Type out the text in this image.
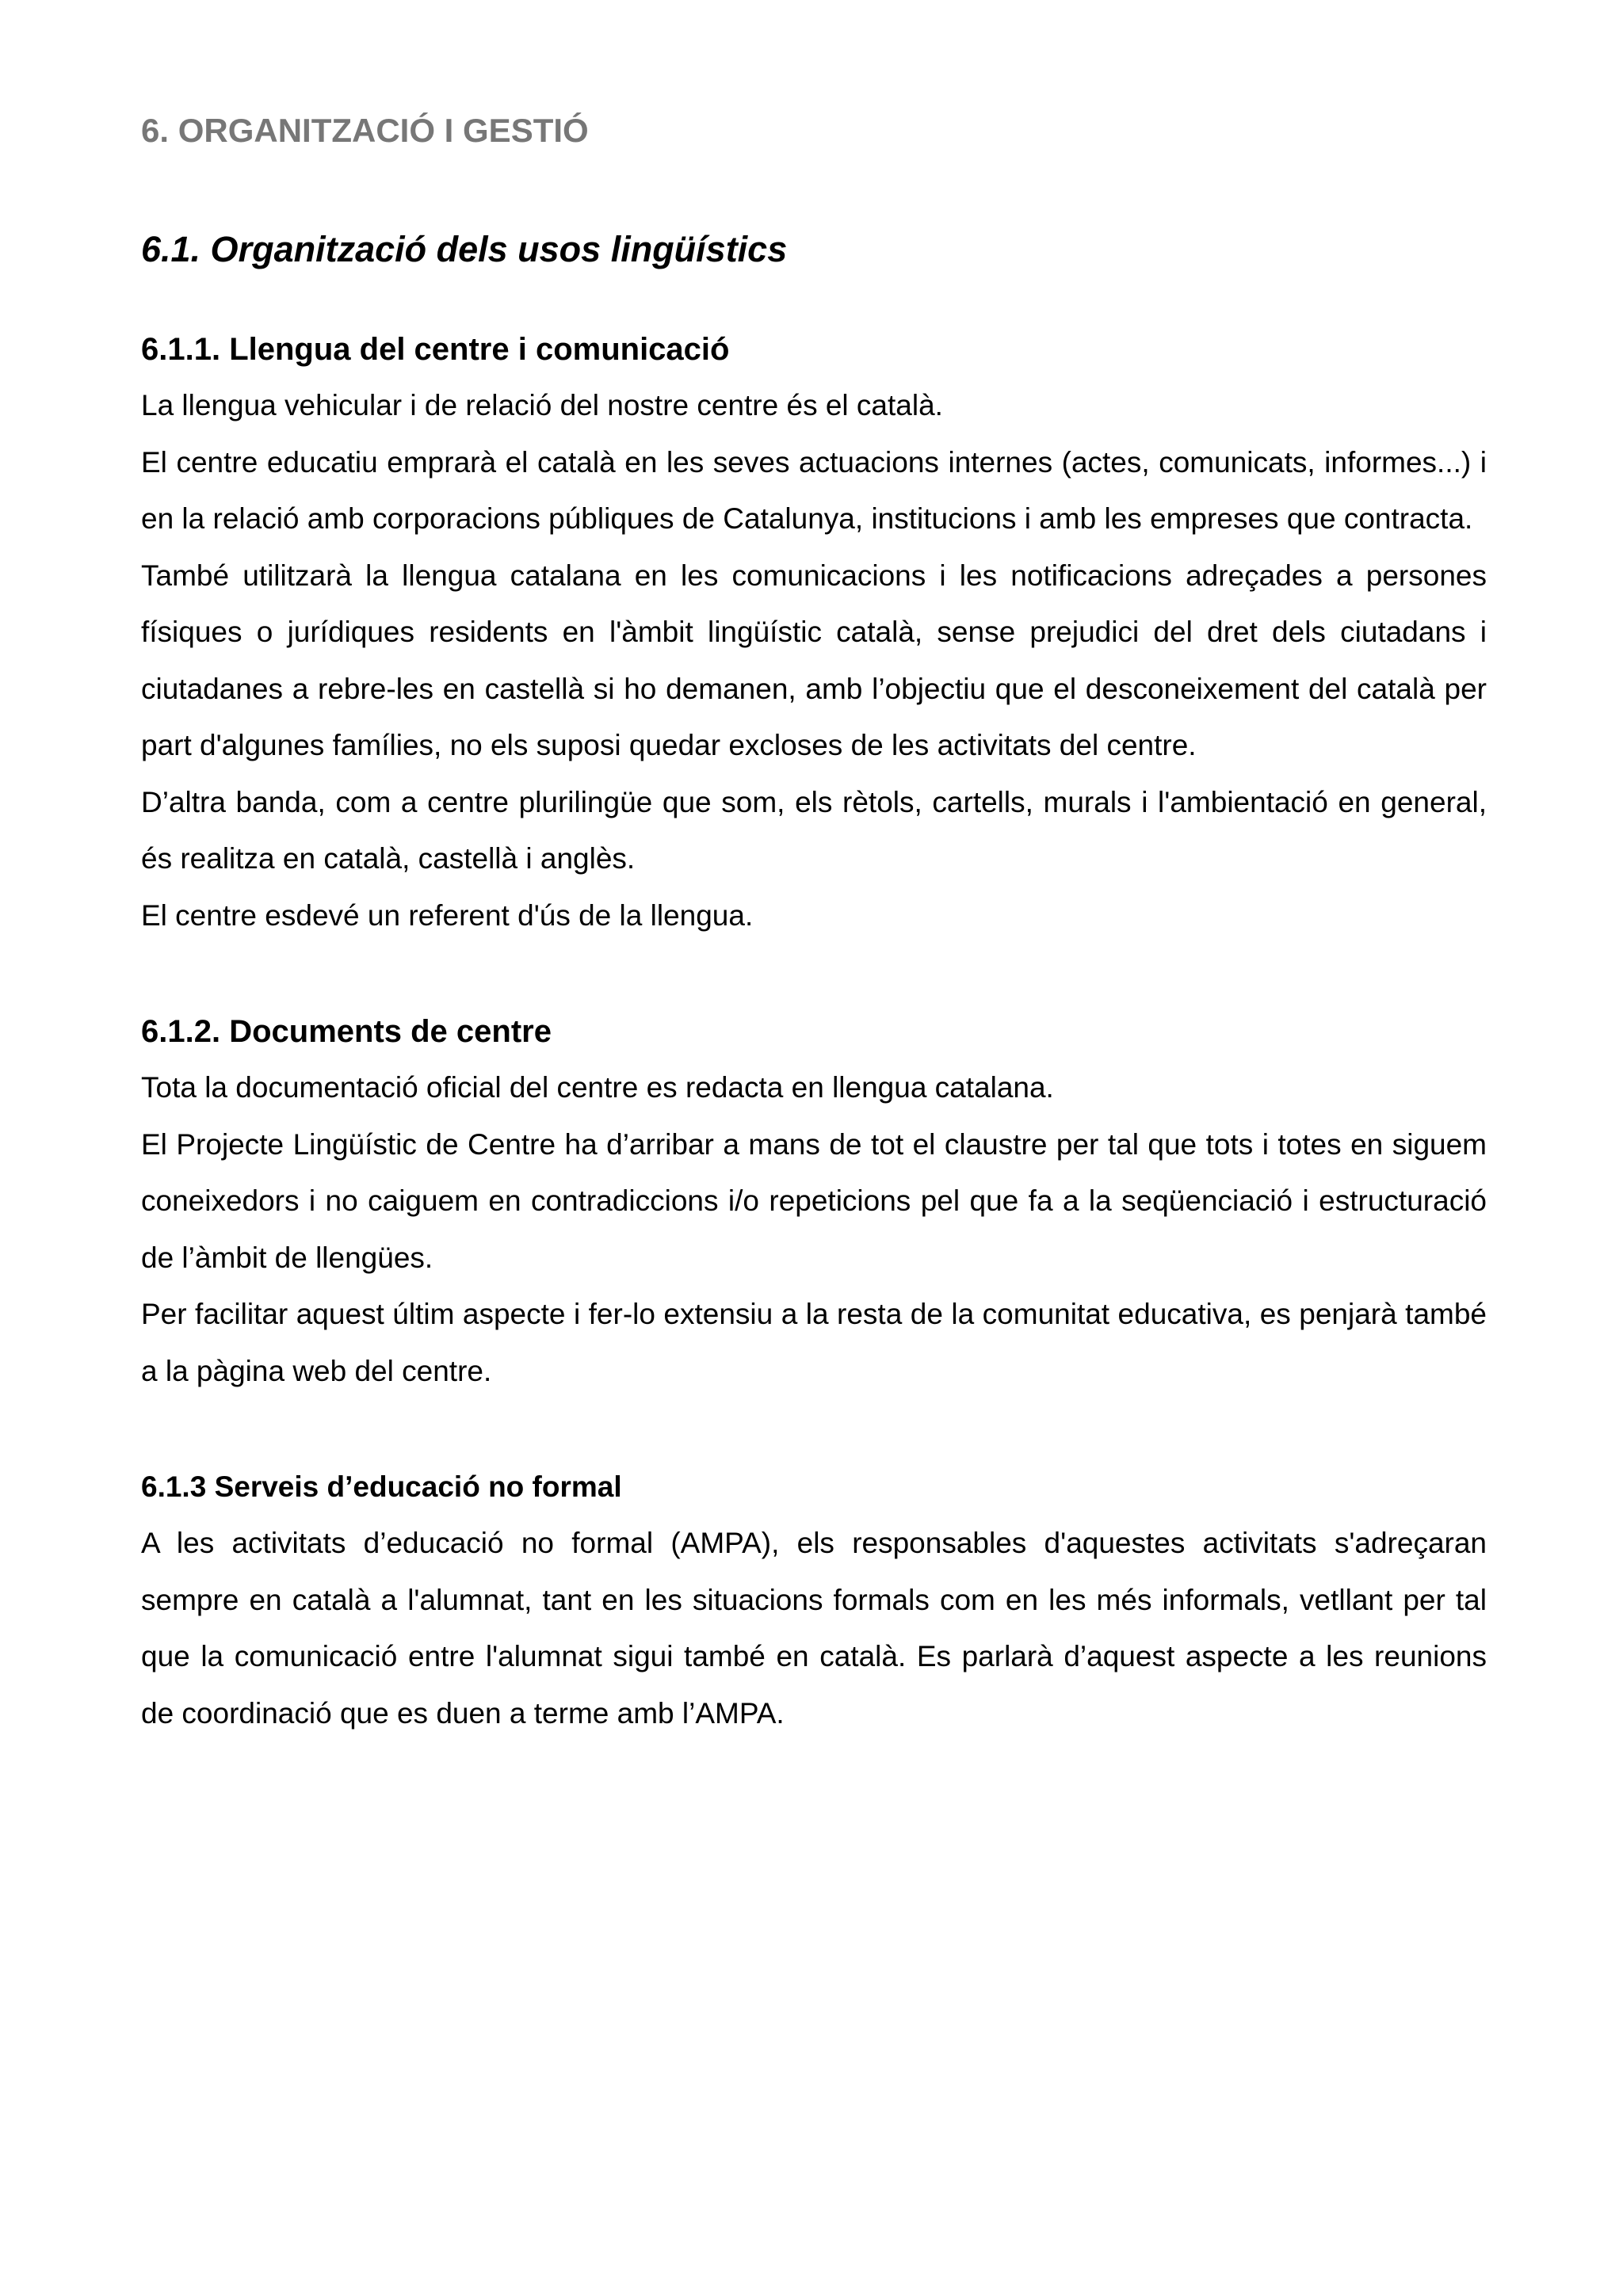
6. ORGANITZACIÓ I GESTIÓ
6.1. Organització dels usos lingüístics
6.1.1. Llengua del centre i comunicació

La llengua vehicular i de relació del nostre centre és el català.

El centre educatiu emprarà el català en les seves actuacions internes (actes, comunicats, informes...) i en la relació amb corporacions públiques de Catalunya, institucions i amb les empreses que contracta.

També utilitzarà la llengua catalana en les comunicacions i les notificacions adreçades a persones físiques o jurídiques residents en l'àmbit lingüístic català, sense prejudici del dret dels ciutadans i ciutadanes a rebre-les en castellà si ho demanen, amb l’objectiu que el desconeixement del català per part d'algunes famílies, no els suposi quedar excloses de les activitats del centre.

D’altra banda, com a centre plurilingüe que som, els rètols, cartells, murals i l'ambientació en general, és realitza en català, castellà i anglès.

El centre esdevé un referent d'ús de la llengua.

6.1.2. Documents de centre

Tota la documentació oficial del centre es redacta en llengua catalana.

El Projecte Lingüístic de Centre ha d’arribar a mans de tot el claustre per tal que tots i totes en siguem coneixedors i no caiguem en contradiccions i/o repeticions pel que fa a la seqüenciació i estructuració de l’àmbit de llengües.

Per facilitar aquest últim aspecte i fer-lo extensiu a la resta de la comunitat educativa, es penjarà també a la pàgina web del centre.

6.1.3 Serveis d’educació no formal

A les activitats d’educació no formal (AMPA), els responsables d'aquestes activitats s'adreçaran sempre en català a l'alumnat, tant en les situacions formals com en les més informals, vetllant per tal que la comunicació entre l'alumnat sigui també en català. Es parlarà d’aquest aspecte a les reunions de coordinació que es duen a terme amb l’AMPA.
